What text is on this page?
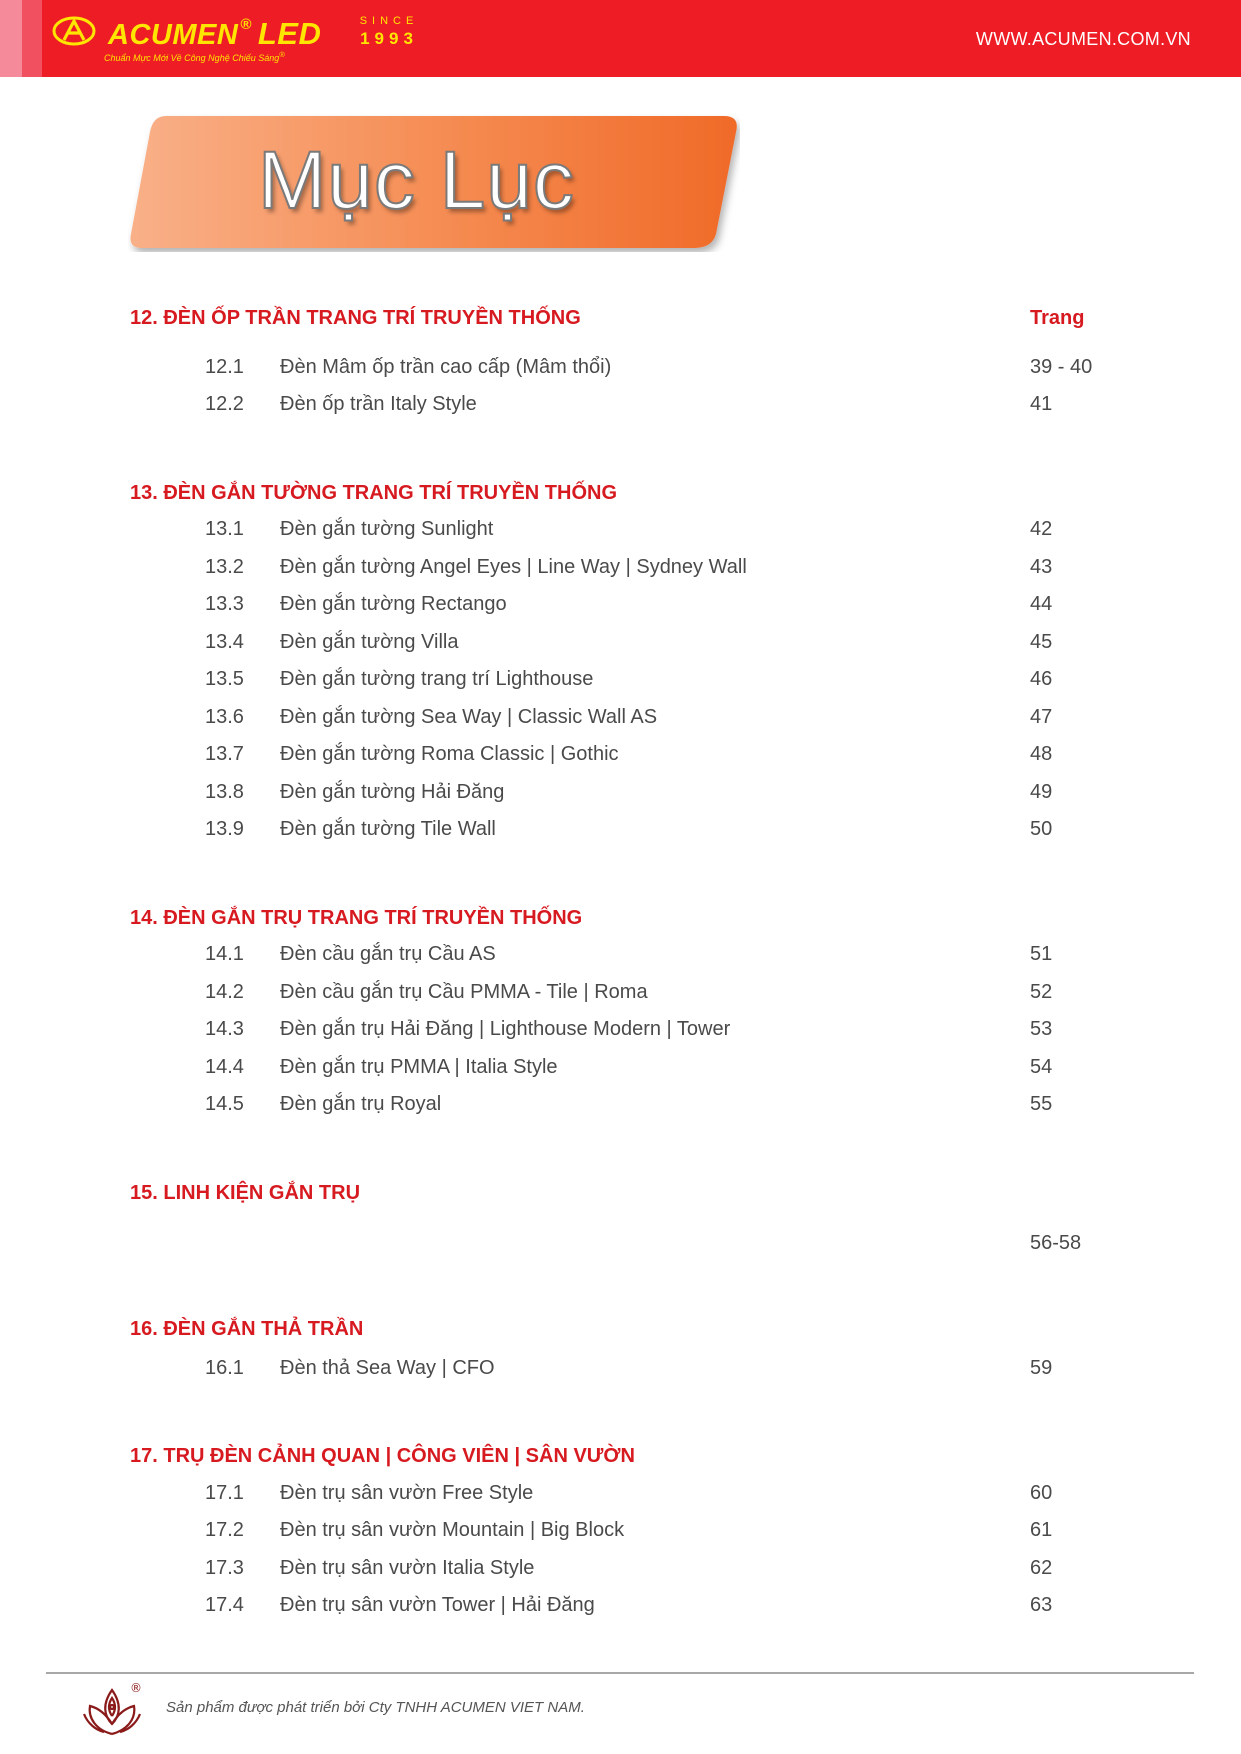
ACUMEN ® LED
Chuẩn Mực Mới Về Công Nghệ Chiếu Sáng®
SINCE
1993	WWW.ACUMEN.COM.VN
Mục Lục
Trang
12. ĐÈN ỐP TRẦN TRANG TRÍ TRUYỀN THỐNG
12.1 Đèn Mâm ốp trần cao cấp (Mâm thổi)	39 - 40
12.2 Đèn ốp trần Italy Style	41
13. ĐÈN GẮN TƯỜNG TRANG TRÍ TRUYỀN THỐNG
13.1 Đèn gắn tường Sunlight	42
13.2 Đèn gắn tường Angel Eyes | Line Way | Sydney Wall	43
13.3 Đèn gắn tường Rectango	44
13.4 Đèn gắn tường Villa	45
13.5 Đèn gắn tường trang trí Lighthouse	46
13.6 Đèn gắn tường Sea Way | Classic Wall AS	47
13.7 Đèn gắn tường Roma Classic | Gothic	48
13.8 Đèn gắn tường Hải Đăng	49
13.9 Đèn gắn tường Tile Wall	50
14. ĐÈN GẮN TRỤ TRANG TRÍ TRUYỀN THỐNG
14.1 Đèn cầu gắn trụ Cầu AS	51
14.2 Đèn cầu gắn trụ Cầu PMMA - Tile | Roma	52
14.3 Đèn gắn trụ Hải Đăng | Lighthouse Modern | Tower	53
14.4 Đèn gắn trụ PMMA | Italia Style	54
14.5 Đèn gắn trụ Royal	55
15. LINH KIỆN GẮN TRỤ
56-58
16. ĐÈN GẮN THẢ TRẦN
16.1 Đèn thả Sea Way | CFO	59
17. TRỤ ĐÈN CẢNH QUAN | CÔNG VIÊN | SÂN VƯỜN
17.1 Đèn trụ sân vườn Free Style	60
17.2 Đèn trụ sân vườn Mountain | Big Block	61
17.3 Đèn trụ sân vườn Italia Style	62
17.4 Đèn trụ sân vườn Tower | Hải Đăng	63
®
Sản phẩm được phát triển bởi Cty TNHH ACUMEN VIET NAM.
